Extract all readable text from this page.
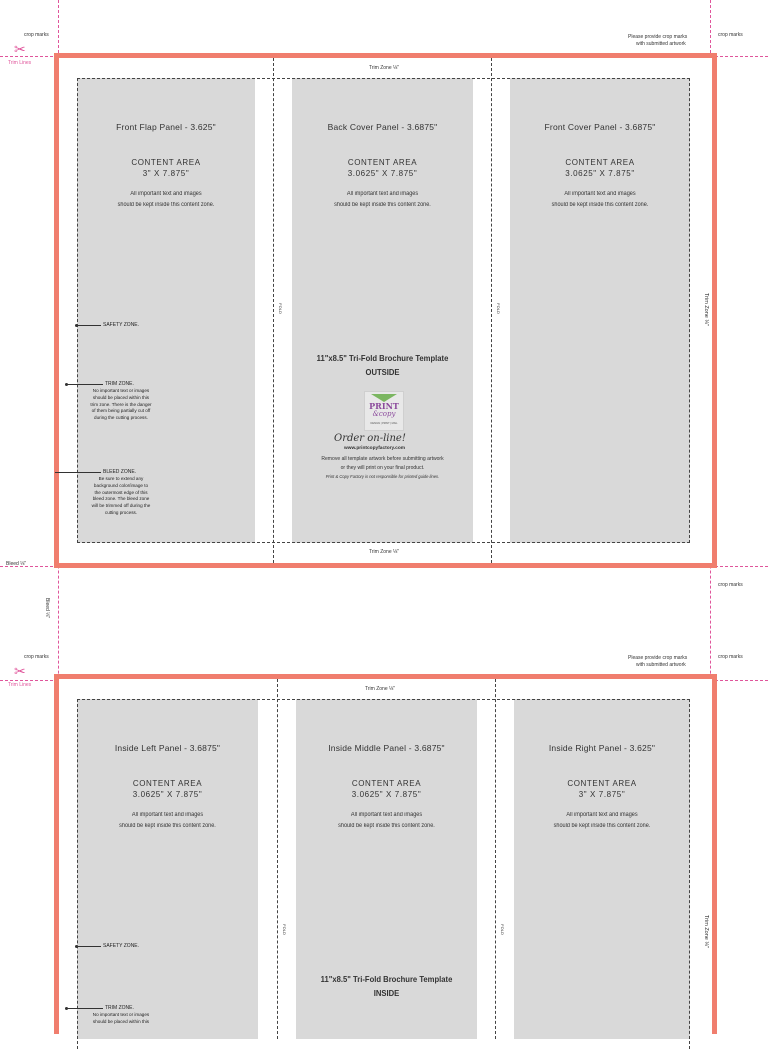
crop marks	crop marks
Please provide crop marks
with submitted artwork
✂
Trim Lines
crop marks
Bleed ⅛"
Bleed ⅛"
crop marks	crop marks
Please provide crop marks
with submitted artwork
✂
Trim Lines
Trim Zone ⅛"
Trim Zone ⅛"
Trim Zone ⅛"
FOLD	FOLD
Front Flap Panel - 3.625"
CONTENT AREA
3" X 7.875"
All important text and images
should be kept inside this content zone.
Back Cover Panel - 3.6875"
CONTENT AREA
3.0625" X 7.875"
All important text and images
should be kept inside this content zone.
11"x8.5" Tri-Fold Brochure Template
OUTSIDE
PRINT
&copy
DESIGN | PRINT | MAIL
Order on-line!
www.printcopyfactory.com
Remove all template artwork before submitting artwork
or they will print on your final product.
Print & Copy Factory is not responsible for printed guide lines.
Front Cover Panel - 3.6875"
CONTENT AREA
3.0625" X 7.875"
All important text and images
should be kept inside this content zone.
SAFETY ZONE.
TRIM ZONE.
No important text or images
should be placed within this
trim zone. There is the danger
of them being partially cut off
during the cutting process.
BLEED ZONE.
Be sure to extend any
background color/image to
the outermost edge of this
bleed zone. The bleed zone
will be trimmed off during the
cutting process.
Trim Zone ⅛"
Trim Zone ⅛"
FOLD	FOLD
Inside Left Panel - 3.6875"
CONTENT AREA
3.0625" X 7.875"
All important text and images
should be kept inside this content zone.
Inside Middle Panel - 3.6875"
CONTENT AREA
3.0625" X 7.875"
All important text and images
should be kept inside this content zone.
11"x8.5" Tri-Fold Brochure Template
INSIDE
Inside Right Panel - 3.625"
CONTENT AREA
3" X 7.875"
All important text and images
should be kept inside this content zone.
SAFETY ZONE.
TRIM ZONE.
No important text or images
should be placed within this
